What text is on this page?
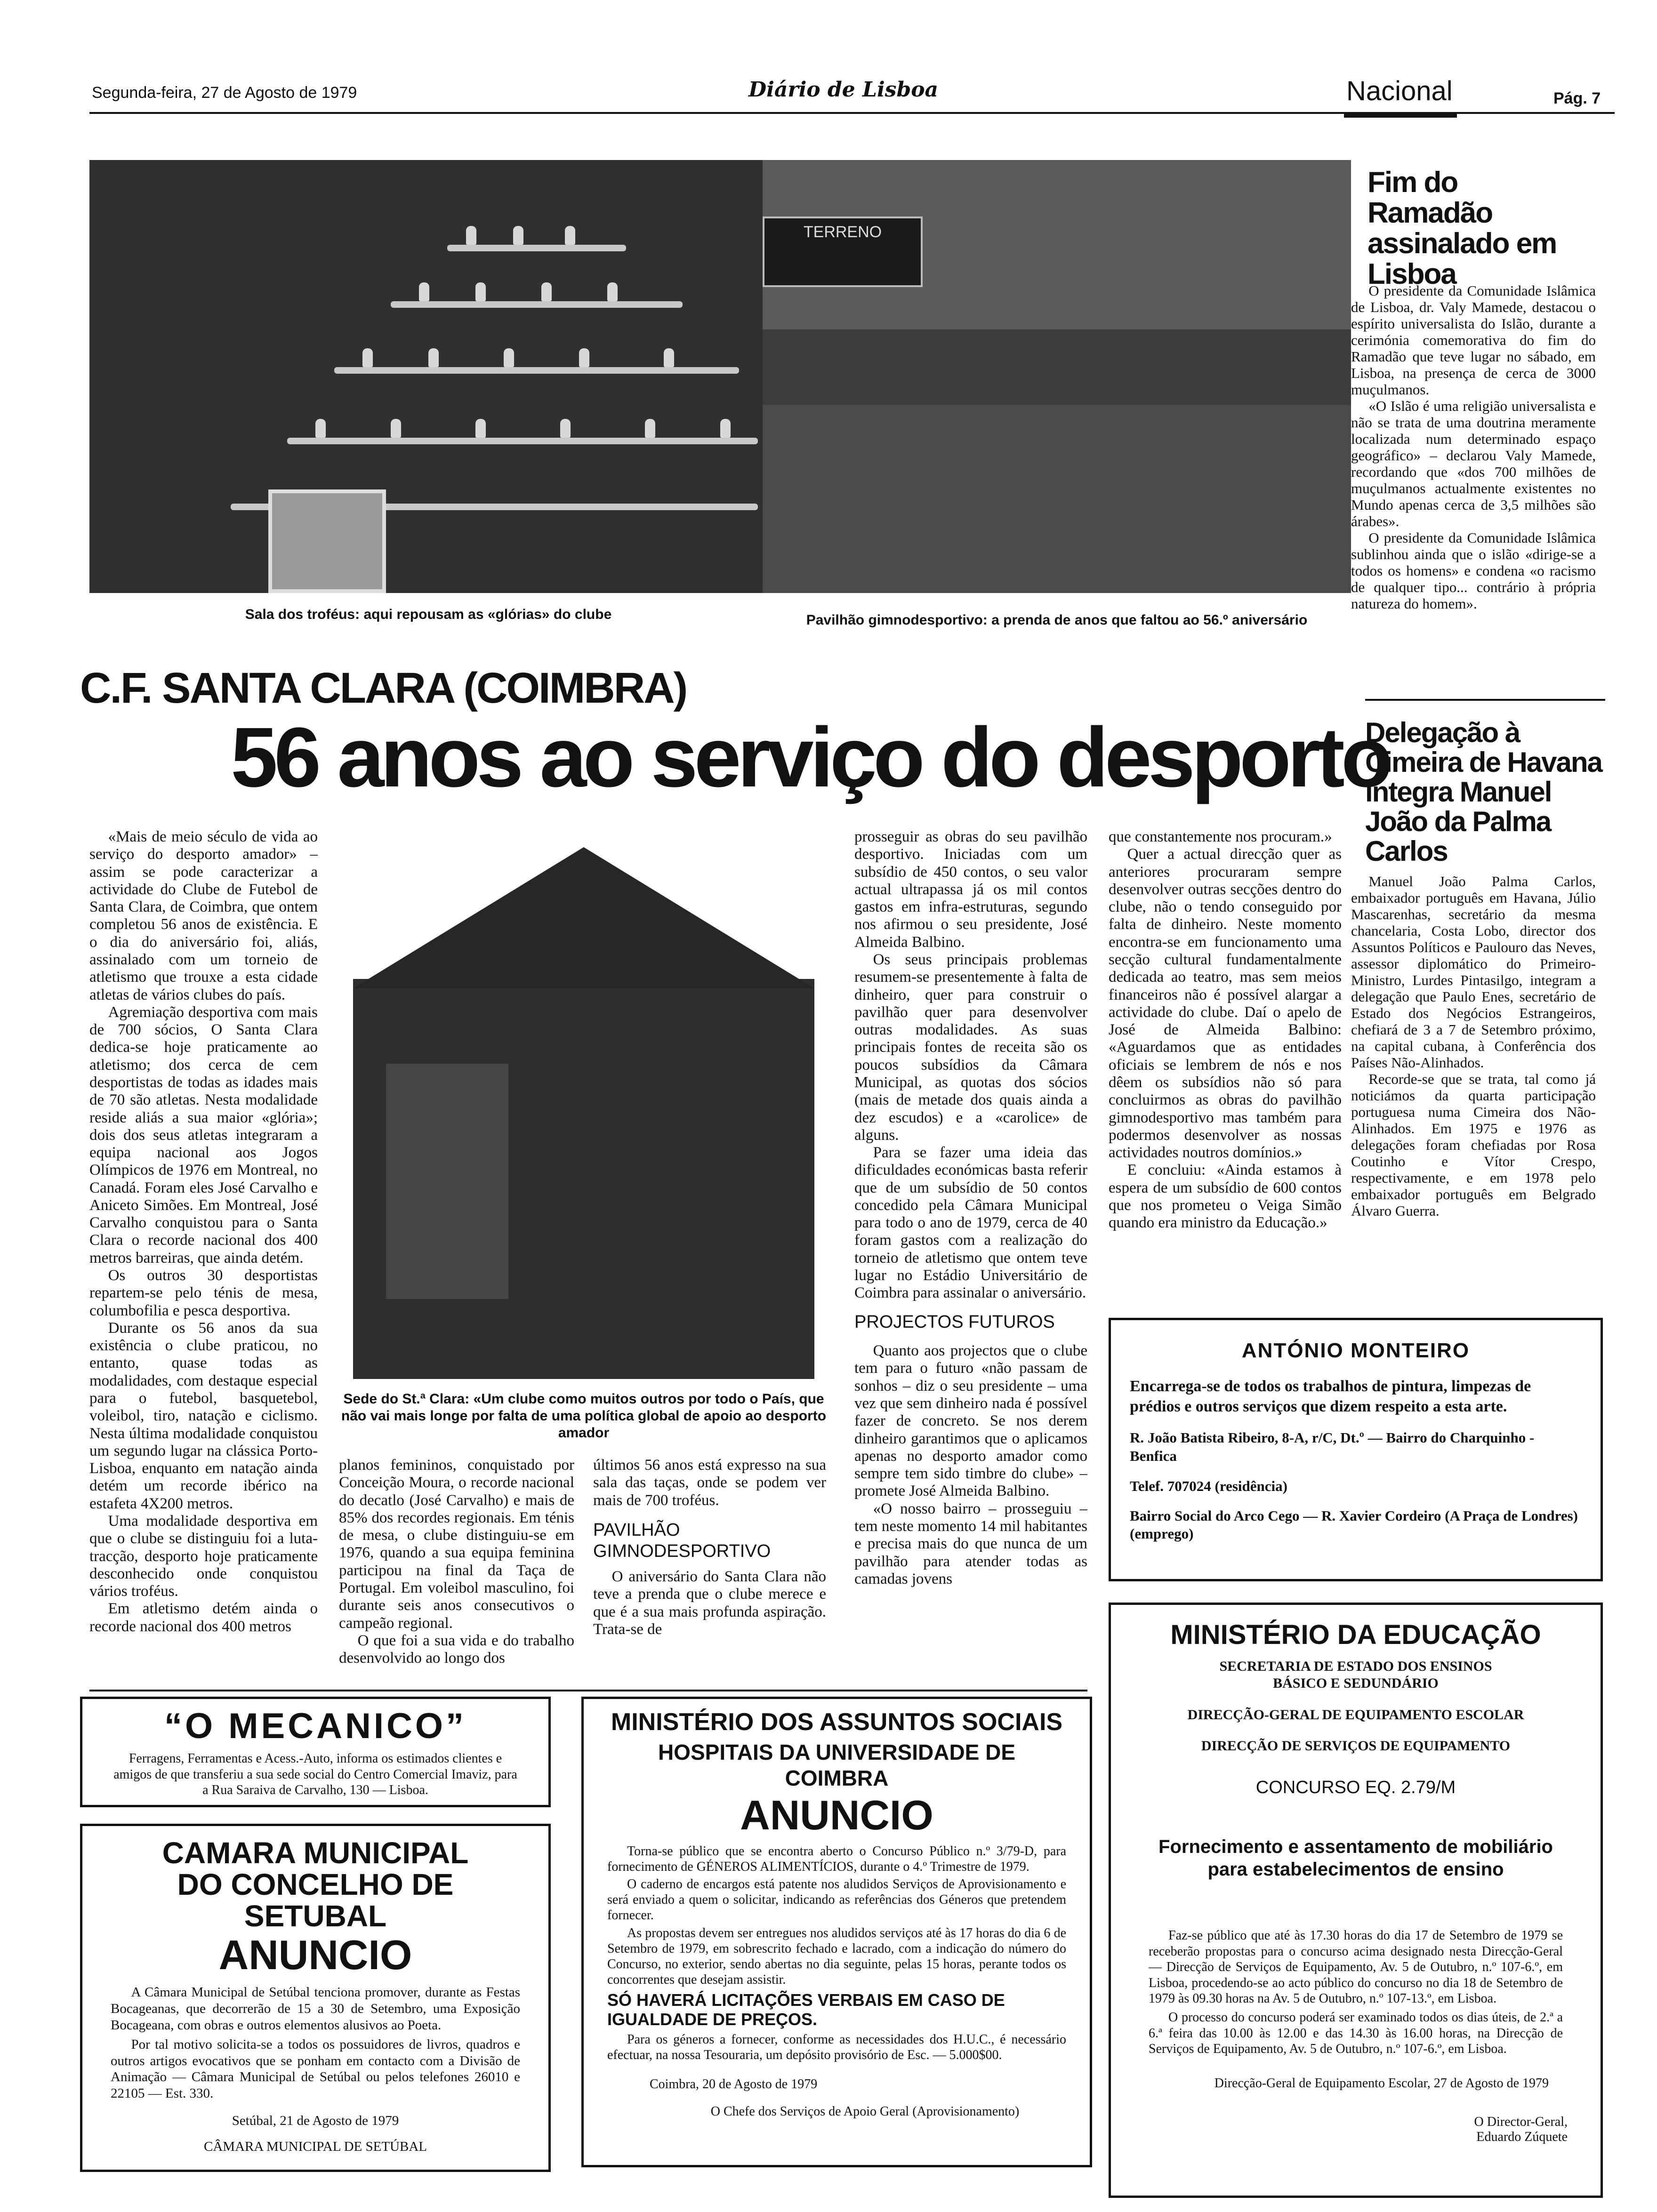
Segunda-feira, 27 de Agosto de 1979	Diário de Lisboa	Nacional	Pág. 7
Sala dos troféus: aqui repousam as «glórias» do clube
TERRENO
Pavilhão gimnodesportivo: a prenda de anos que faltou ao 56.º aniversário
Fim do Ramadão assinalado em Lisboa

O presidente da Comunidade Islâmica de Lisboa, dr. Valy Mamede, destacou o espírito universalista do Islão, durante a cerimónia comemorativa do fim do Ramadão que teve lugar no sábado, em Lisboa, na presença de cerca de 3000 muçulmanos.

«O Islão é uma religião universalista e não se trata de uma doutrina meramente localizada num determinado espaço geográfico» – declarou Valy Mamede, recordando que «dos 700 milhões de muçulmanos actualmente existentes no Mundo apenas cerca de 3,5 milhões são árabes».

O presidente da Comunidade Islâmica sublinhou ainda que o islão «dirige-se a todos os homens» e condena «o racismo de qualquer tipo... contrário à própria natureza do homem».

Delegação à Cimeira de Havana integra Manuel João da Palma Carlos

Manuel João Palma Carlos, embaixador português em Havana, Júlio Mascarenhas, secretário da mesma chancelaria, Costa Lobo, director dos Assuntos Políticos e Paulouro das Neves, assessor diplomático do Primeiro-Ministro, Lurdes Pintasilgo, integram a delegação que Paulo Enes, secretário de Estado dos Negócios Estrangeiros, chefiará de 3 a 7 de Setembro próximo, na capital cubana, à Conferência dos Países Não-Alinhados.

Recorde-se que se trata, tal como já noticiámos da quarta participação portuguesa numa Cimeira dos Não-Alinhados. Em 1975 e 1976 as delegações foram chefiadas por Rosa Coutinho e Vítor Crespo, respectivamente, e em 1978 pelo embaixador português em Belgrado Álvaro Guerra.

C.F. SANTA CLARA (COIMBRA)
56 anos ao serviço do desporto

«Mais de meio século de vida ao serviço do desporto amador» – assim se pode caracterizar a actividade do Clube de Futebol de Santa Clara, de Coimbra, que ontem completou 56 anos de existência. E o dia do aniversário foi, aliás, assinalado com um torneio de atletismo que trouxe a esta cidade atletas de vários clubes do país.

Agremiação desportiva com mais de 700 sócios, O Santa Clara dedica-se hoje praticamente ao atletismo; dos cerca de cem desportistas de todas as idades mais de 70 são atletas. Nesta modalidade reside aliás a sua maior «glória»; dois dos seus atletas integraram a equipa nacional aos Jogos Olímpicos de 1976 em Montreal, no Canadá. Foram eles José Carvalho e Aniceto Simões. Em Montreal, José Carvalho conquistou para o Santa Clara o recorde nacional dos 400 metros barreiras, que ainda detém.

Os outros 30 desportistas repartem-se pelo ténis de mesa, columbofilia e pesca desportiva.

Durante os 56 anos da sua existência o clube praticou, no entanto, quase todas as modalidades, com destaque especial para o futebol, basquetebol, voleibol, tiro, natação e ciclismo. Nesta última modalidade conquistou um segundo lugar na clássica Porto-Lisboa, enquanto em natação ainda detém um recorde ibérico na estafeta 4X200 metros.

Uma modalidade desportiva em que o clube se distinguiu foi a luta-tracção, desporto hoje praticamente desconhecido onde conquistou vários troféus.

Em atletismo detém ainda o recorde nacional dos 400 metros

Sede do St.ª Clara: «Um clube como muitos outros por todo o País, que não vai mais longe por falta de uma política global de apoio ao desporto amador

planos femininos, conquistado por Conceição Moura, o recorde nacional do decatlo (José Carvalho) e mais de 85% dos recordes regionais. Em ténis de mesa, o clube distinguiu-se em 1976, quando a sua equipa feminina participou na final da Taça de Portugal. Em voleibol masculino, foi durante seis anos consecutivos o campeão regional.

O que foi a sua vida e do trabalho desenvolvido ao longo dos

últimos 56 anos está expresso na sua sala das taças, onde se podem ver mais de 700 troféus.

PAVILHÃO GIMNODESPORTIVO

O aniversário do Santa Clara não teve a prenda que o clube merece e que é a sua mais profunda aspiração. Trata-se de

prosseguir as obras do seu pavilhão desportivo. Iniciadas com um subsídio de 450 contos, o seu valor actual ultrapassa já os mil contos gastos em infra-estruturas, segundo nos afirmou o seu presidente, José Almeida Balbino.

Os seus principais problemas resumem-se presentemente à falta de dinheiro, quer para construir o pavilhão quer para desenvolver outras modalidades. As suas principais fontes de receita são os poucos subsídios da Câmara Municipal, as quotas dos sócios (mais de metade dos quais ainda a dez escudos) e a «carolice» de alguns.

Para se fazer uma ideia das dificuldades económicas basta referir que de um subsídio de 50 contos concedido pela Câmara Municipal para todo o ano de 1979, cerca de 40 foram gastos com a realização do torneio de atletismo que ontem teve lugar no Estádio Universitário de Coimbra para assinalar o aniversário.

PROJECTOS FUTUROS

Quanto aos projectos que o clube tem para o futuro «não passam de sonhos – diz o seu presidente – uma vez que sem dinheiro nada é possível fazer de concreto. Se nos derem dinheiro garantimos que o aplicamos apenas no desporto amador como sempre tem sido timbre do clube» – promete José Almeida Balbino.

«O nosso bairro – prosseguiu – tem neste momento 14 mil habitantes e precisa mais do que nunca de um pavilhão para atender todas as camadas jovens

que constantemente nos procuram.»

Quer a actual direcção quer as anteriores procuraram sempre desenvolver outras secções dentro do clube, não o tendo conseguido por falta de dinheiro. Neste momento encontra-se em funcionamento uma secção cultural fundamentalmente dedicada ao teatro, mas sem meios financeiros não é possível alargar a actividade do clube. Daí o apelo de José de Almeida Balbino: «Aguardamos que as entidades oficiais se lembrem de nós e nos dêem os subsídios não só para concluirmos as obras do pavilhão gimnodesportivo mas também para podermos desenvolver as nossas actividades noutros domínios.»

E concluiu: «Ainda estamos à espera de um subsídio de 600 contos que nos prometeu o Veiga Simão quando era ministro da Educação.»

ANTÓNIO MONTEIRO
Encarrega-se de todos os trabalhos de pintura, limpezas de prédios e outros serviços que dizem respeito a esta arte.
R. João Batista Ribeiro, 8-A, r/C, Dt.º — Bairro do Charquinho - Benfica
Telef. 707024 (residência)
Bairro Social do Arco Cego — R. Xavier Cordeiro (A Praça de Londres) (emprego)
“O MECANICO”
Ferragens, Ferramentas e Acess.-Auto, informa os estimados clientes e amigos de que transferiu a sua sede social do Centro Comercial Imaviz, para a Rua Saraiva de Carvalho, 130 — Lisboa.
CAMARA MUNICIPAL
DO CONCELHO DE SETUBAL
ANUNCIO
A Câmara Municipal de Setúbal tenciona promover, durante as Festas Bocageanas, que decorrerão de 15 a 30 de Setembro, uma Exposição Bocageana, com obras e outros elementos alusivos ao Poeta.
Por tal motivo solicita-se a todos os possuidores de livros, quadros e outros artigos evocativos que se ponham em contacto com a Divisão de Animação — Câmara Municipal de Setúbal ou pelos telefones 26010 e 22105 — Est. 330.
Setúbal, 21 de Agosto de 1979
CÂMARA MUNICIPAL DE SETÚBAL
MINISTÉRIO DOS ASSUNTOS SOCIAIS
HOSPITAIS DA UNIVERSIDADE DE COIMBRA
ANUNCIO
Torna-se público que se encontra aberto o Concurso Público n.º 3/79-D, para fornecimento de GÉNEROS ALIMENTÍCIOS, durante o 4.º Trimestre de 1979.
O caderno de encargos está patente nos aludidos Serviços de Aprovisionamento e será enviado a quem o solicitar, indicando as referências dos Géneros que pretendem fornecer.
As propostas devem ser entregues nos aludidos serviços até às 17 horas do dia 6 de Setembro de 1979, em sobrescrito fechado e lacrado, com a indicação do número do Concurso, no exterior, sendo abertas no dia seguinte, pelas 15 horas, perante todos os concorrentes que desejam assistir.
SÓ HAVERÁ LICITAÇÕES VERBAIS EM CASO DE IGUALDADE DE PREÇOS.
Para os géneros a fornecer, conforme as necessidades dos H.U.C., é necessário efectuar, na nossa Tesouraria, um depósito provisório de Esc. — 5.000$00.
Coimbra, 20 de Agosto de 1979
O Chefe dos Serviços de Apoio Geral (Aprovisionamento)
MINISTÉRIO DA EDUCAÇÃO
SECRETARIA DE ESTADO DOS ENSINOS BÁSICO E SEDUNDÁRIO
DIRECÇÃO-GERAL DE EQUIPAMENTO ESCOLAR
DIRECÇÃO DE SERVIÇOS DE EQUIPAMENTO
CONCURSO EQ. 2.79/M
Fornecimento e assentamento de mobiliário para estabelecimentos de ensino
Faz-se público que até às 17.30 horas do dia 17 de Setembro de 1979 se receberão propostas para o concurso acima designado nesta Direcção-Geral — Direcção de Serviços de Equipamento, Av. 5 de Outubro, n.º 107-6.º, em Lisboa, procedendo-se ao acto público do concurso no dia 18 de Setembro de 1979 às 09.30 horas na Av. 5 de Outubro, n.º 107-13.º, em Lisboa.
O processo do concurso poderá ser examinado todos os dias úteis, de 2.ª a 6.ª feira das 10.00 às 12.00 e das 14.30 às 16.00 horas, na Direcção de Serviços de Equipamento, Av. 5 de Outubro, n.º 107-6.º, em Lisboa.
Direcção-Geral de Equipamento Escolar, 27 de Agosto de 1979
O Director-Geral,
Eduardo Zúquete
